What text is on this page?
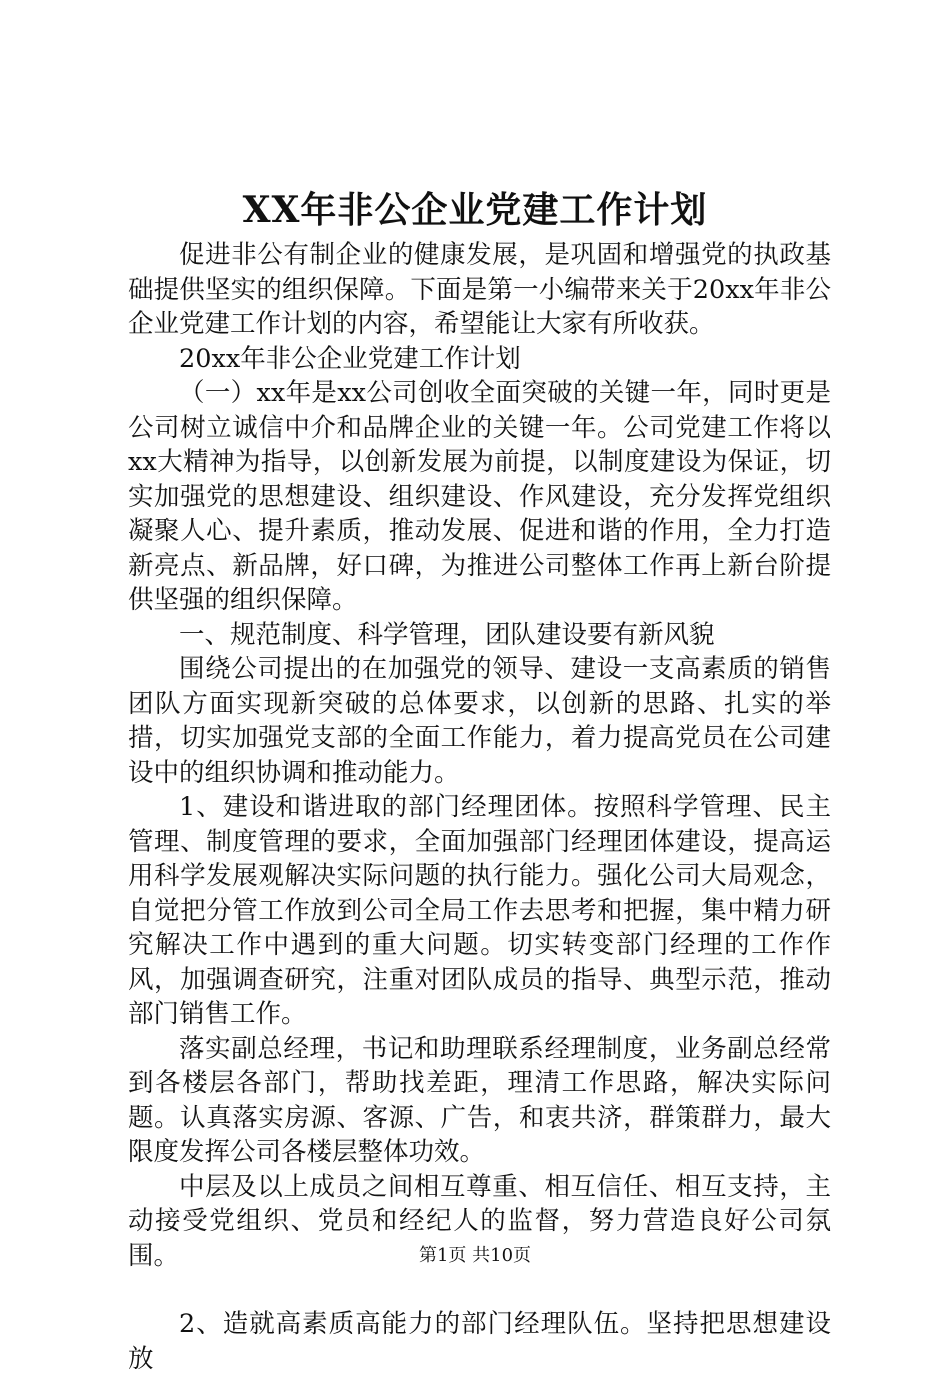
XX年非公企业党建工作计划

促进非公有制企业的健康发展，是巩固和增强党的执政基础提供坚实的组织保障。下面是第一小编带来关于20xx年非公企业党建工作计划的内容，希望能让大家有所收获。

20xx年非公企业党建工作计划

（一）xx年是xx公司创收全面突破的关键一年，同时更是公司树立诚信中介和品牌企业的关键一年。公司党建工作将以xx大精神为指导，以创新发展为前提，以制度建设为保证，切实加强党的思想建设、组织建设、作风建设，充分发挥党组织凝聚人心、提升素质，推动发展、促进和谐的作用，全力打造新亮点、新品牌，好口碑，为推进公司整体工作再上新台阶提供坚强的组织保障。

一、规范制度、科学管理，团队建设要有新风貌

围绕公司提出的在加强党的领导、建设一支高素质的销售团队方面实现新突破的总体要求，以创新的思路、扎实的举措，切实加强党支部的全面工作能力，着力提高党员在公司建设中的组织协调和推动能力。

1、建设和谐进取的部门经理团体。按照科学管理、民主管理、制度管理的要求，全面加强部门经理团体建设，提高运用科学发展观解决实际问题的执行能力。强化公司大局观念，自觉把分管工作放到公司全局工作去思考和把握，集中精力研究解决工作中遇到的重大问题。切实转变部门经理的工作作风，加强调查研究，注重对团队成员的指导、典型示范，推动部门销售工作。

落实副总经理，书记和助理联系经理制度，业务副总经常到各楼层各部门，帮助找差距，理清工作思路，解决实际问题。认真落实房源、客源、广告，和衷共济，群策群力，最大限度发挥公司各楼层整体功效。

中层及以上成员之间相互尊重、相互信任、相互支持，主动接受党组织、党员和经纪人的监督，努力营造良好公司氛围。

2、造就高素质高能力的部门经理队伍。坚持把思想建设放

第1页 共10页
